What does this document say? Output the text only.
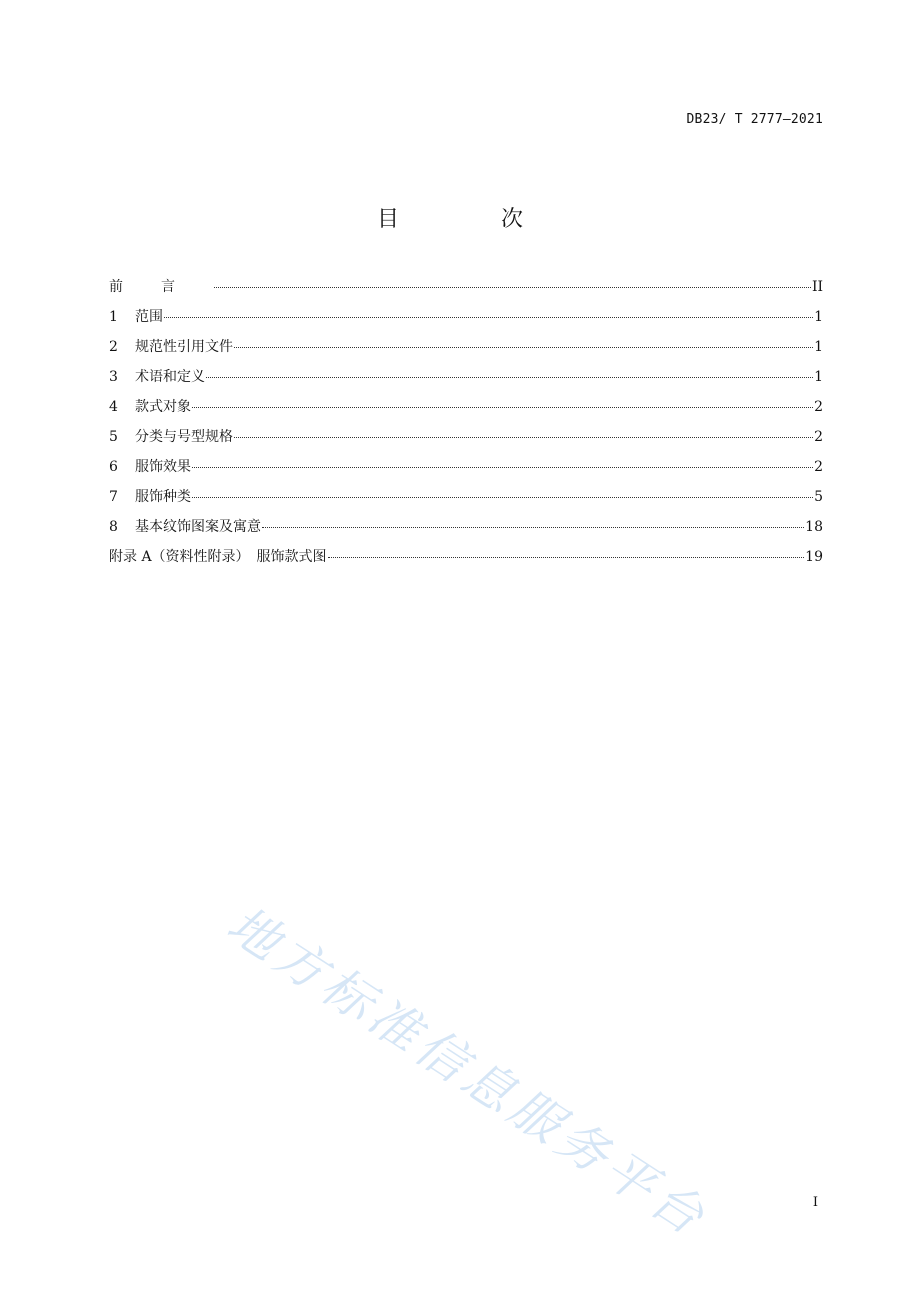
DB23/ T 2777—2021
目　次
前言	II
1	范围	1
2	规范性引用文件	1
3	术语和定义	1
4	款式对象	2
5	分类与号型规格	2
6	服饰效果	2
7	服饰种类	5
8	基本纹饰图案及寓意	18
附录 A（资料性附录）　服饰款式图	19
地方标准信息服务平台	I
